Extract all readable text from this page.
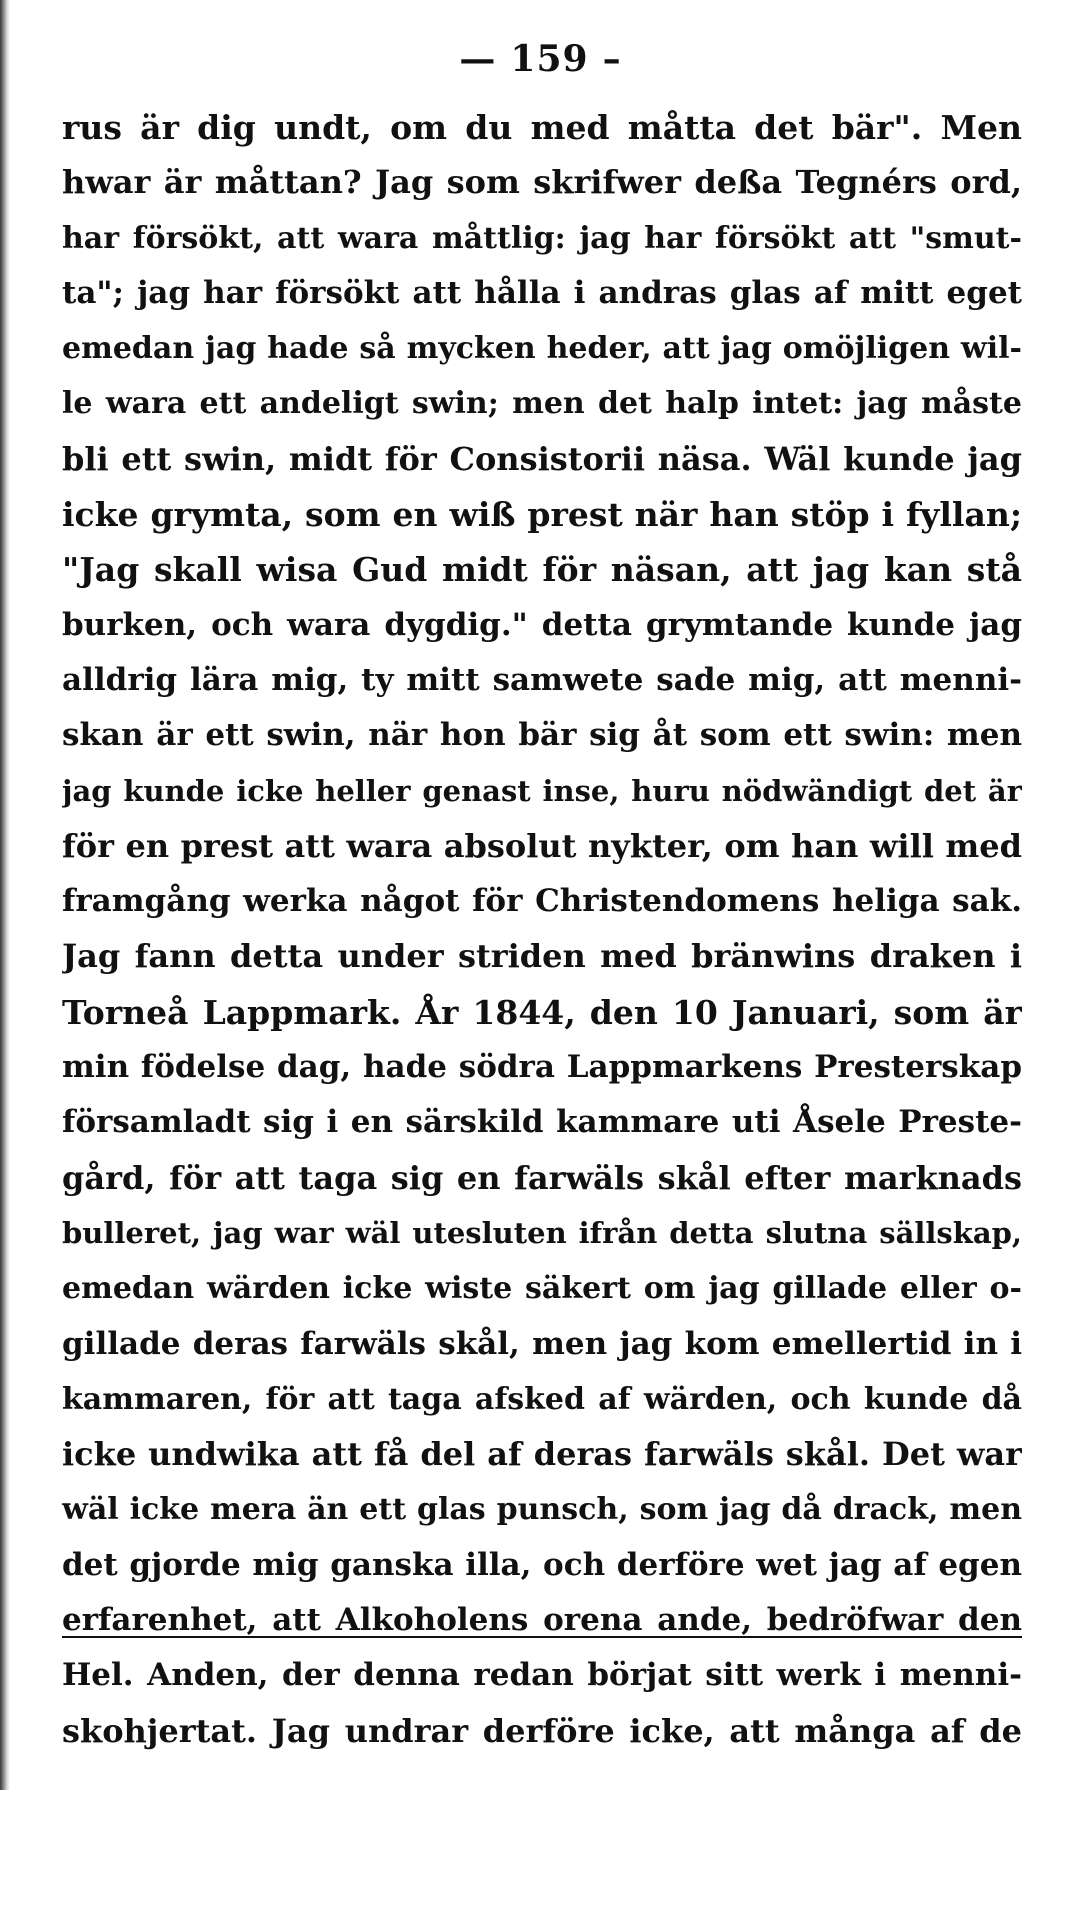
— 159 –
rus är dig undt, om du med måtta det bär". Men
hwar är måttan? Jag som skrifwer deßa Tegnérs ord,
har försökt, att wara måttlig: jag har försökt att "smut-
ta"; jag har försökt att hålla i andras glas af mitt eget
emedan jag hade så mycken heder, att jag omöjligen wil-
le wara ett andeligt swin; men det halp intet: jag måste
bli ett swin, midt för Consistorii näsa. Wäl kunde jag
icke grymta, som en wiß prest när han stöp i fyllan;
"Jag skall wisa Gud midt för näsan, att jag kan stå
burken, och wara dygdig." detta grymtande kunde jag
alldrig lära mig, ty mitt samwete sade mig, att menni-
skan är ett swin, när hon bär sig åt som ett swin: men
jag kunde icke heller genast inse, huru nödwändigt det är
för en prest att wara absolut nykter, om han will med
framgång werka något för Christendomens heliga sak.
Jag fann detta under striden med bränwins draken i
Torneå Lappmark. År 1844, den 10 Januari, som är
min födelse dag, hade södra Lappmarkens Presterskap
församladt sig i en särskild kammare uti Åsele Preste-
gård, för att taga sig en farwäls skål efter marknads
bulleret, jag war wäl utesluten ifrån detta slutna sällskap,
emedan wärden icke wiste säkert om jag gillade eller o-
gillade deras farwäls skål, men jag kom emellertid in i
kammaren, för att taga afsked af wärden, och kunde då
icke undwika att få del af deras farwäls skål. Det war
wäl icke mera än ett glas punsch, som jag då drack, men
det gjorde mig ganska illa, och derföre wet jag af egen
erfarenhet, att Alkoholens orena ande, bedröfwar den
Hel. Anden, der denna redan börjat sitt werk i menni-
skohjertat. Jag undrar derföre icke, att många af de
